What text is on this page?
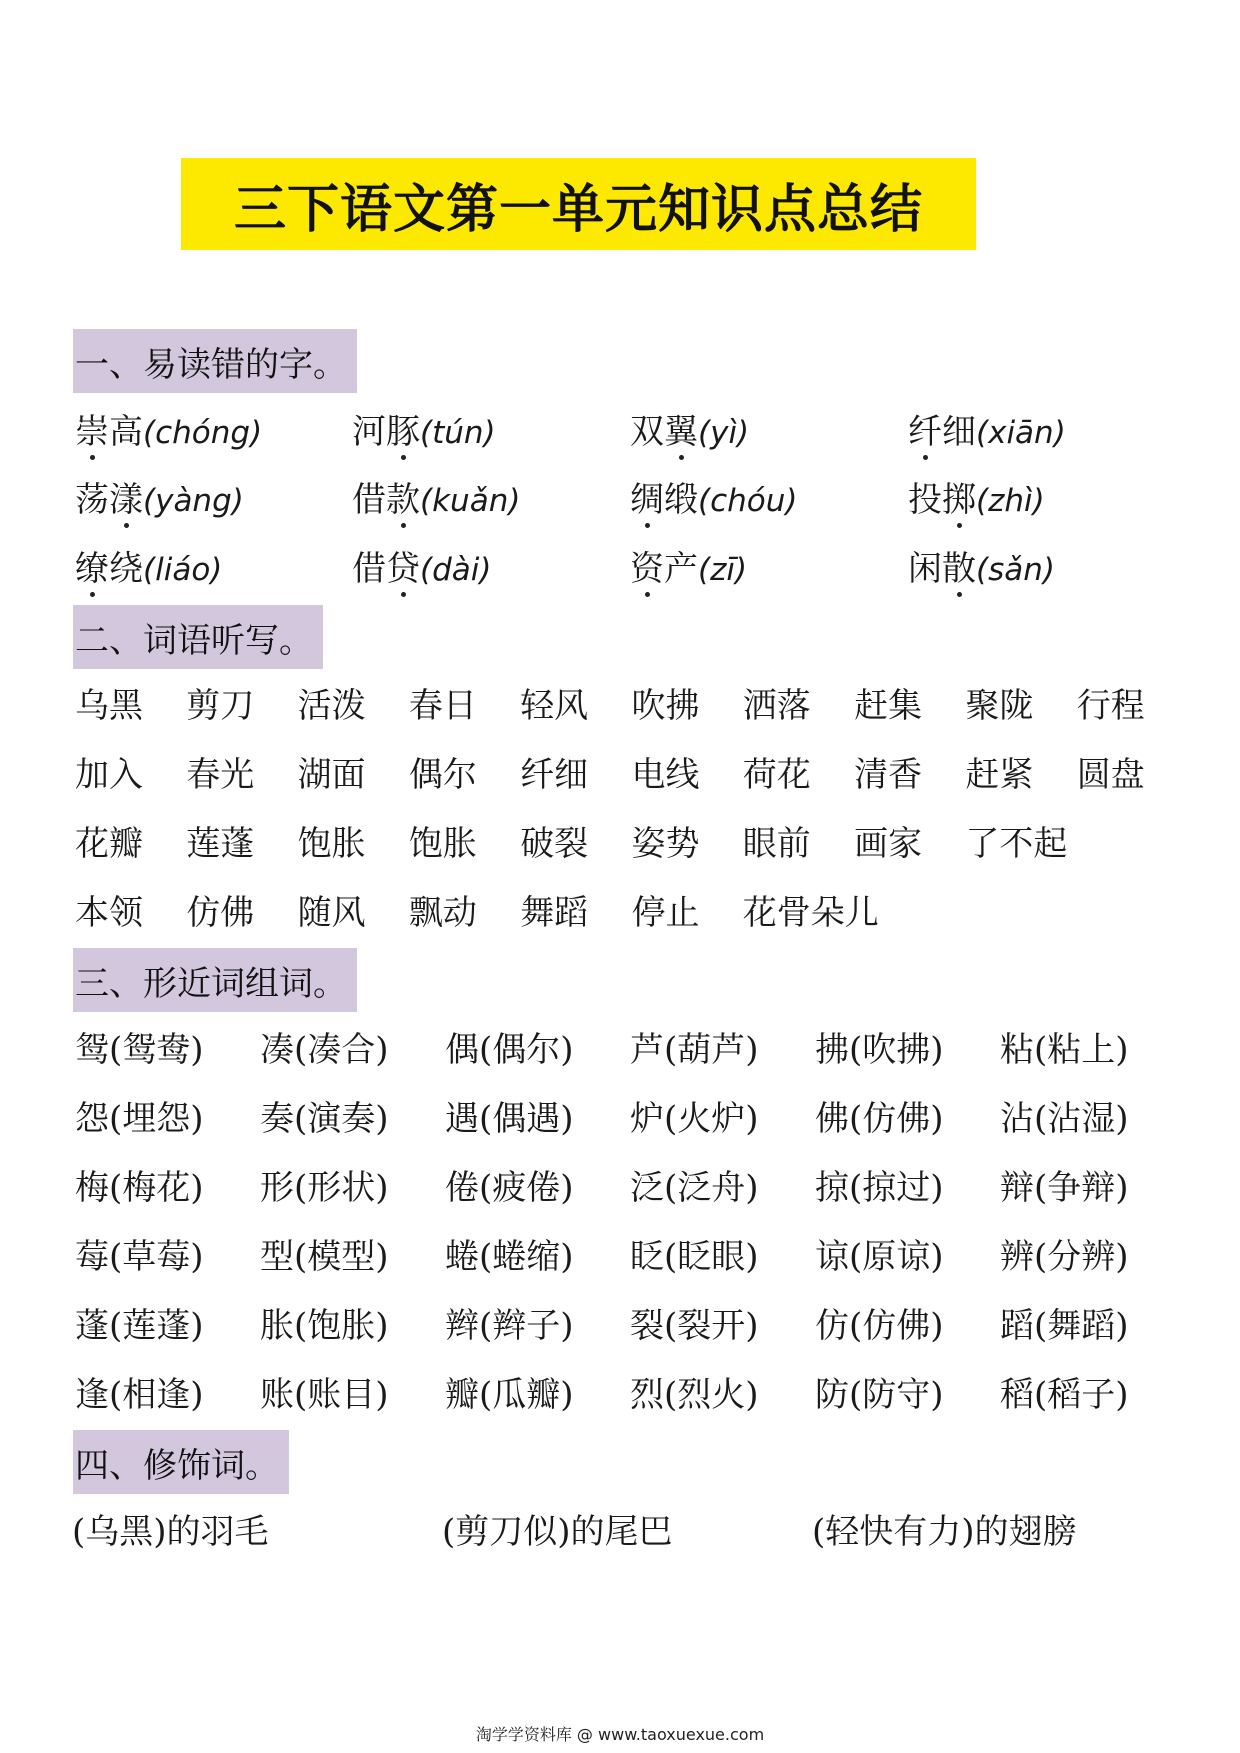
三下语文第一单元知识点总结
一、易读错的字。
崇高(chóng)	河豚(tún)	双翼(yì)	纤细(xiān)
荡漾(yàng)	借款(kuǎn)	绸缎(chóu)	投掷(zhì)
缭绕(liáo)	借贷(dài)	资产(zī)	闲散(sǎn)
二、词语听写。
乌黑 剪刀 活泼 春日 轻风 吹拂 洒落 赶集 聚陇 行程
加入 春光 湖面 偶尔 纤细 电线 荷花 清香 赶紧 圆盘
花瓣 莲蓬 饱胀 饱胀 破裂 姿势 眼前 画家 了不起
本领 仿佛 随风 飘动 舞蹈 停止 花骨朵儿
三、形近词组词。
鸳(鸳鸯) 凑(凑合) 偶(偶尔) 芦(葫芦) 拂(吹拂) 粘(粘上)
怨(埋怨) 奏(演奏) 遇(偶遇) 炉(火炉) 佛(仿佛) 沾(沾湿)
梅(梅花) 形(形状) 倦(疲倦) 泛(泛舟) 掠(掠过) 辩(争辩)
莓(草莓) 型(模型) 蜷(蜷缩) 眨(眨眼) 谅(原谅) 辨(分辨)
蓬(莲蓬) 胀(饱胀) 辫(辫子) 裂(裂开) 仿(仿佛) 蹈(舞蹈)
逢(相逢) 账(账目) 瓣(瓜瓣) 烈(烈火) 防(防守) 稻(稻子)
四、修饰词。
(乌黑)的羽毛	(剪刀似)的尾巴	(轻快有力)的翅膀
淘学学资料库 @ www.taoxuexue.com
